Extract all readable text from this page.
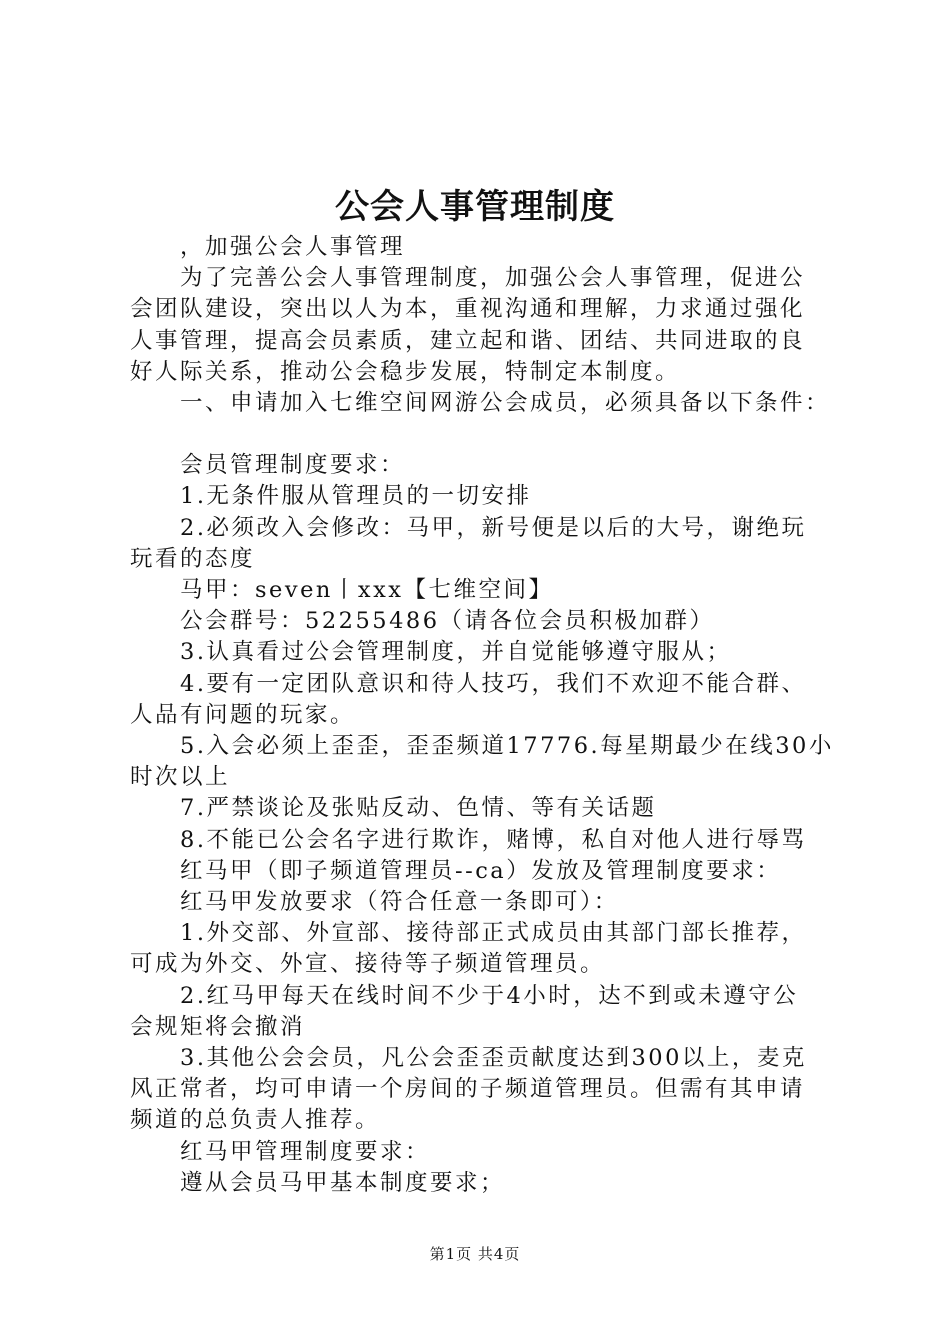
公会人事管理制度

，加强公会人事管理

为了完善公会人事管理制度，加强公会人事管理，促进公

会团队建设，突出以人为本，重视沟通和理解，力求通过强化

人事管理，提高会员素质，建立起和谐、团结、共同进取的良

好人际关系，推动公会稳步发展，特制定本制度。

一、申请加入七维空间网游公会成员，必须具备以下条件：

会员管理制度要求：

1.无条件服从管理员的一切安排

2.必须改入会修改：马甲，新号便是以后的大号，谢绝玩

玩看的态度

马甲：seven丨xxx【七维空间】

公会群号：52255486（请各位会员积极加群）

3.认真看过公会管理制度，并自觉能够遵守服从；

4.要有一定团队意识和待人技巧，我们不欢迎不能合群、

人品有问题的玩家。

5.入会必须上歪歪，歪歪频道17776.每星期最少在线30小

时次以上

7.严禁谈论及张贴反动、色情、等有关话题

8.不能已公会名字进行欺诈，赌博，私自对他人进行辱骂

红马甲（即子频道管理员--ca）发放及管理制度要求：

红马甲发放要求（符合任意一条即可）：

1.外交部、外宣部、接待部正式成员由其部门部长推荐，

可成为外交、外宣、接待等子频道管理员。

2.红马甲每天在线时间不少于4小时，达不到或未遵守公

会规矩将会撤消

3.其他公会会员，凡公会歪歪贡献度达到300以上，麦克

风正常者，均可申请一个房间的子频道管理员。但需有其申请

频道的总负责人推荐。

红马甲管理制度要求：

遵从会员马甲基本制度要求；

第1页 共4页
